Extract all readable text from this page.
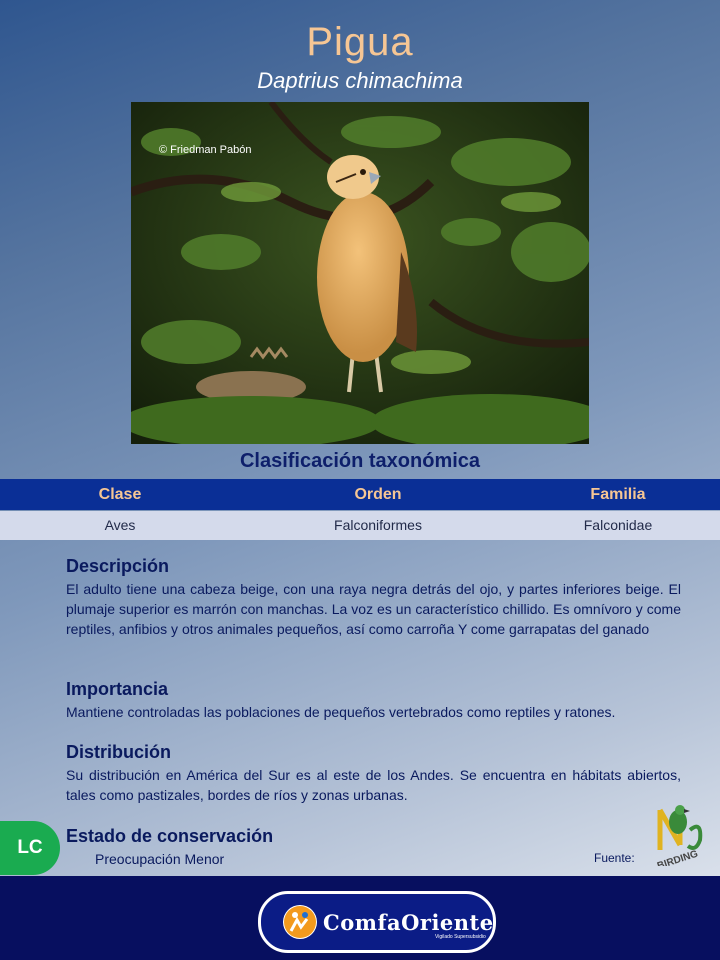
Pigua
Daptrius chimachima
© Friedman Pabón
Clasificación taxonómica
Clase	Orden	Familia
Aves	Falconiformes	Falconidae
Descripción

El adulto tiene una cabeza beige, con una raya negra detrás del ojo, y partes inferiores beige. El plumaje superior es marrón con manchas. La voz es un característico chillido. Es omnívoro y come reptiles, anfibios y otros animales pequeños, así como carroña Y come garrapatas del ganado

Importancia

Mantiene controladas las poblaciones de pequeños vertebrados como reptiles y ratones.

Distribución

Su distribución en América del Sur es al este de los Andes. Se encuentra en hábitats abiertos, tales como pastizales, bordes de ríos y zonas urbanas.

LC
Estado de conservación
Preocupación Menor	Fuente: BIRDING
ComfaOriente
Vigilado Supersubsidio
